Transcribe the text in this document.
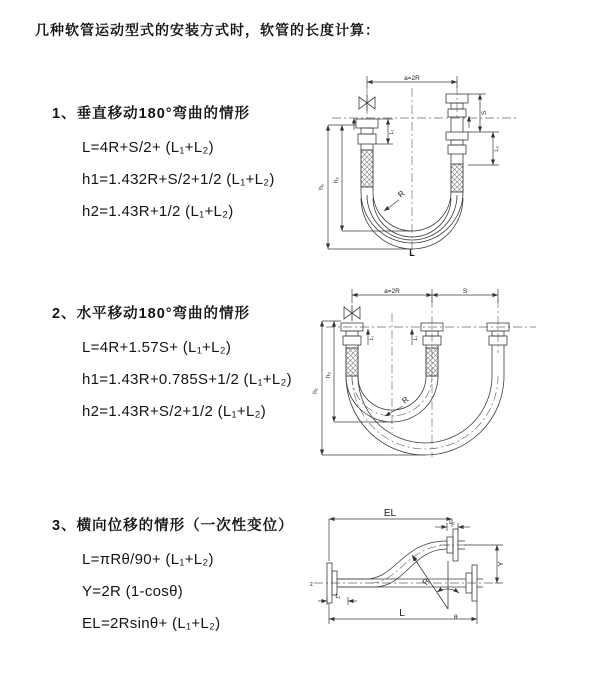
几种软管运动型式的安装方式时，软管的长度计算：
1、垂直移动180°弯曲的情形

L=4R+S/2+ (L₁+L₂)

h1=1.432R+S/2+1/2 (L₁+L₂)

h2=1.43R+1/2 (L₁+L₂)

a=2R
h₁
h₂
S
L₂
L₁
R
L
2、水平移动180°弯曲的情形

L=4R+1.57S+ (L₁+L₂)

h1=1.43R+0.785S+1/2 (L₁+L₂)

h2=1.43R+S/2+1/2 (L₁+L₂)

a=2R	S
L₁	L₂
h₁
h₂
R
3、横向位移的情形（一次性变位）

L=πRθ/90+ (L₁+L₂)

Y=2R (1-cosθ)

EL=2Rsinθ+ (L₁+L₂)

z
EL
L₂
Y
R
θ
L₁
L
